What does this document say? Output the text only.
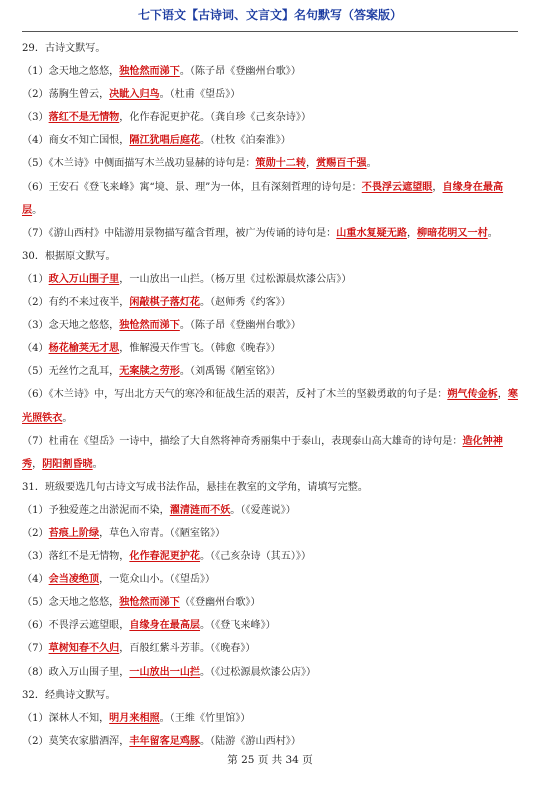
七下语文【古诗词、文言文】名句默写（答案版）
29．古诗文默写。
（1）念天地之悠悠，独怆然而涕下。（陈子昂《登幽州台歌》）
（2）荡胸生曾云，决眦入归鸟。（杜甫《望岳》）
（3）落红不是无情物，化作春泥更护花。（龚自珍《己亥杂诗》）
（4）商女不知亡国恨，隔江犹唱后庭花。（杜牧《泊秦淮》）
（5）《木兰诗》中侧面描写木兰战功显赫的诗句是：策勋十二转，赏赐百千强。
（6）王安石《登飞来峰》寓“境、景、理”为一体，且有深刻哲理的诗句是：不畏浮云遮望眼，自缘身在最高层。
（7）《游山西村》中陆游用景物描写蕴含哲理，被广为传诵的诗句是：山重水复疑无路，柳暗花明又一村。
30．根据原文默写。
（1）政入万山围子里，一山放出一山拦。（杨万里《过松源晨炊漆公店》）
（2）有约不来过夜半，闲敲棋子落灯花。（赵师秀《约客》）
（3）念天地之悠悠，独怆然而涕下。（陈子昂《登幽州台歌》）
（4）杨花榆荚无才思，惟解漫天作雪飞。（韩愈《晚春》）
（5）无丝竹之乱耳，无案牍之劳形。（刘禹锡《陋室铭》）
（6）《木兰诗》中，写出北方天气的寒冷和征战生活的艰苦，反衬了木兰的坚毅勇敢的句子是：朔气传金柝，寒光照铁衣。
（7）杜甫在《望岳》一诗中，描绘了大自然将神奇秀丽集中于泰山，表现泰山高大雄奇的诗句是：造化钟神秀，阴阳割昏晓。
31．班级要选几句古诗文写成书法作品，悬挂在教室的文学角，请填写完整。
（1）予独爱莲之出淤泥而不染，濯清涟而不妖。（《爱莲说》）
（2）苔痕上阶绿，草色入帘青。（《陋室铭》）
（3）落红不是无情物，化作春泥更护花。（《己亥杂诗（其五）》）
（4）会当凌绝顶，一览众山小。（《望岳》）
（5）念天地之悠悠，独怆然而涕下（《登幽州台歌》）
（6）不畏浮云遮望眼，自缘身在最高层。（《登飞来峰》）
（7）草树知春不久归，百般红紫斗芳菲。（《晚春》）
（8）政入万山围子里，一山放出一山拦。（《过松源晨炊漆公店》）
32．经典诗文默写。
（1）深林人不知，明月来相照。（王维《竹里馆》）
（2）莫笑农家腊酒浑，丰年留客足鸡豚。（陆游《游山西村》）
第 25 页 共 34 页
